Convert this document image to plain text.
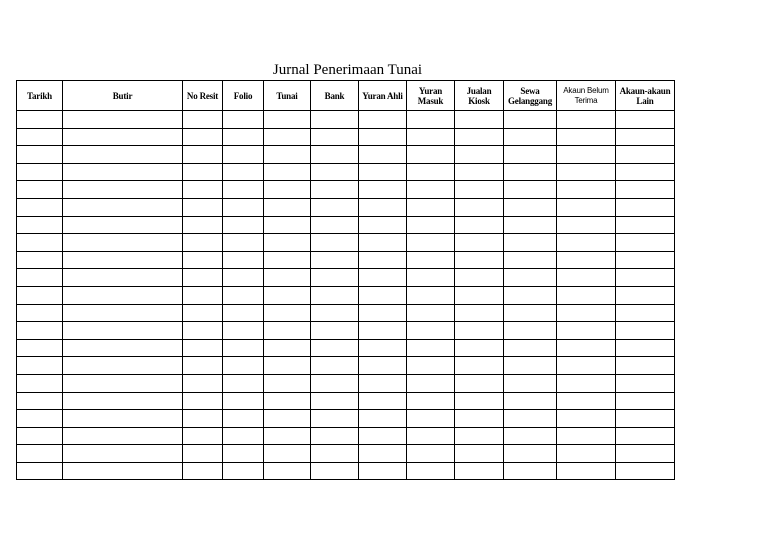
Jurnal Penerimaan Tunai
Tarikh	Butir	No Resit	Folio	Tunai	Bank	Yuran Ahli	Yuran Masuk	Jualan Kiosk	Sewa Gelanggang	Akaun Belum Terima	Akaun-akaun Lain
